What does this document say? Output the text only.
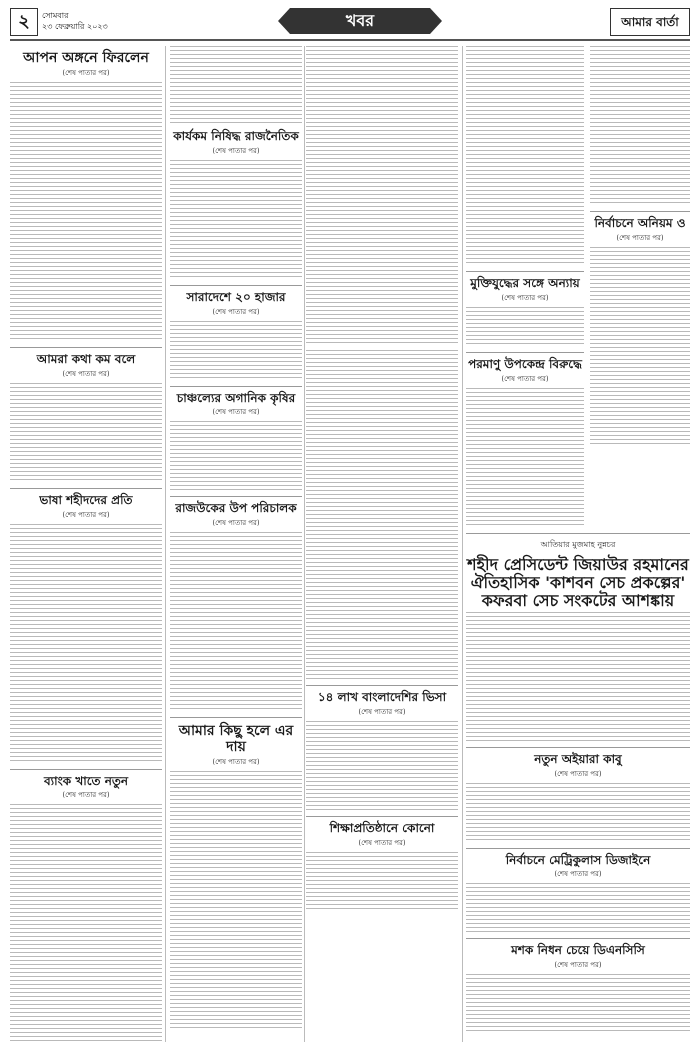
২	সোমবার
২৩ ফেব্রুয়ারি ২০২৩	খবর	আমার বার্তা
আপন অঙ্গনে ফিরলেন
(শেষ পাতার পর)
আমরা কথা কম বলে
(শেষ পাতার পর)
ভাষা শহীদদের প্রতি
(শেষ পাতার পর)
ব্যাংক খাতে নতুন
(শেষ পাতার পর)
কার্যকম নিষিদ্ধ রাজনৈতিক
(শেষ পাতার পর)
সারাদেশে ২০ হাজার
(শেষ পাতার পর)
চাঞ্চল্যের অগানিক কৃষির
(শেষ পাতার পর)
রাজউকের উপ পরিচালক
(শেষ পাতার পর)
আমার কিছু হলে এর দায়
(শেষ পাতার পর)
১৪ লাখ বাংলাদেশির ভিসা
(শেষ পাতার পর)
শিক্ষাপ্রতিষ্ঠানে কোনো
(শেষ পাতার পর)
মুক্তিযুদ্ধের সঙ্গে অন্যায়
(শেষ পাতার পর)
পরমাণু উপকেন্দ্র বিরুদ্ধে
(শেষ পাতার পর)
নির্বাচনে অনিয়ম ও
(শেষ পাতার পর)
আতিয়ার মুজমাহ নুন্নচর
শহীদ প্রেসিডেন্ট জিয়াউর রহমানের ঐতিহাসিক 'কাশবন সেচ প্রকল্পের' কফরবা সেচ সংকটের আশঙ্কায়
নতুন অইয়ারা কাবু
(শেষ পাতার পর)
নির্বাচনে মেট্রিকুলাস ডিজাইনে
(শেষ পাতার পর)
মশক নিধন চেয়ে ডিএনসিসি
(শেষ পাতার পর)
